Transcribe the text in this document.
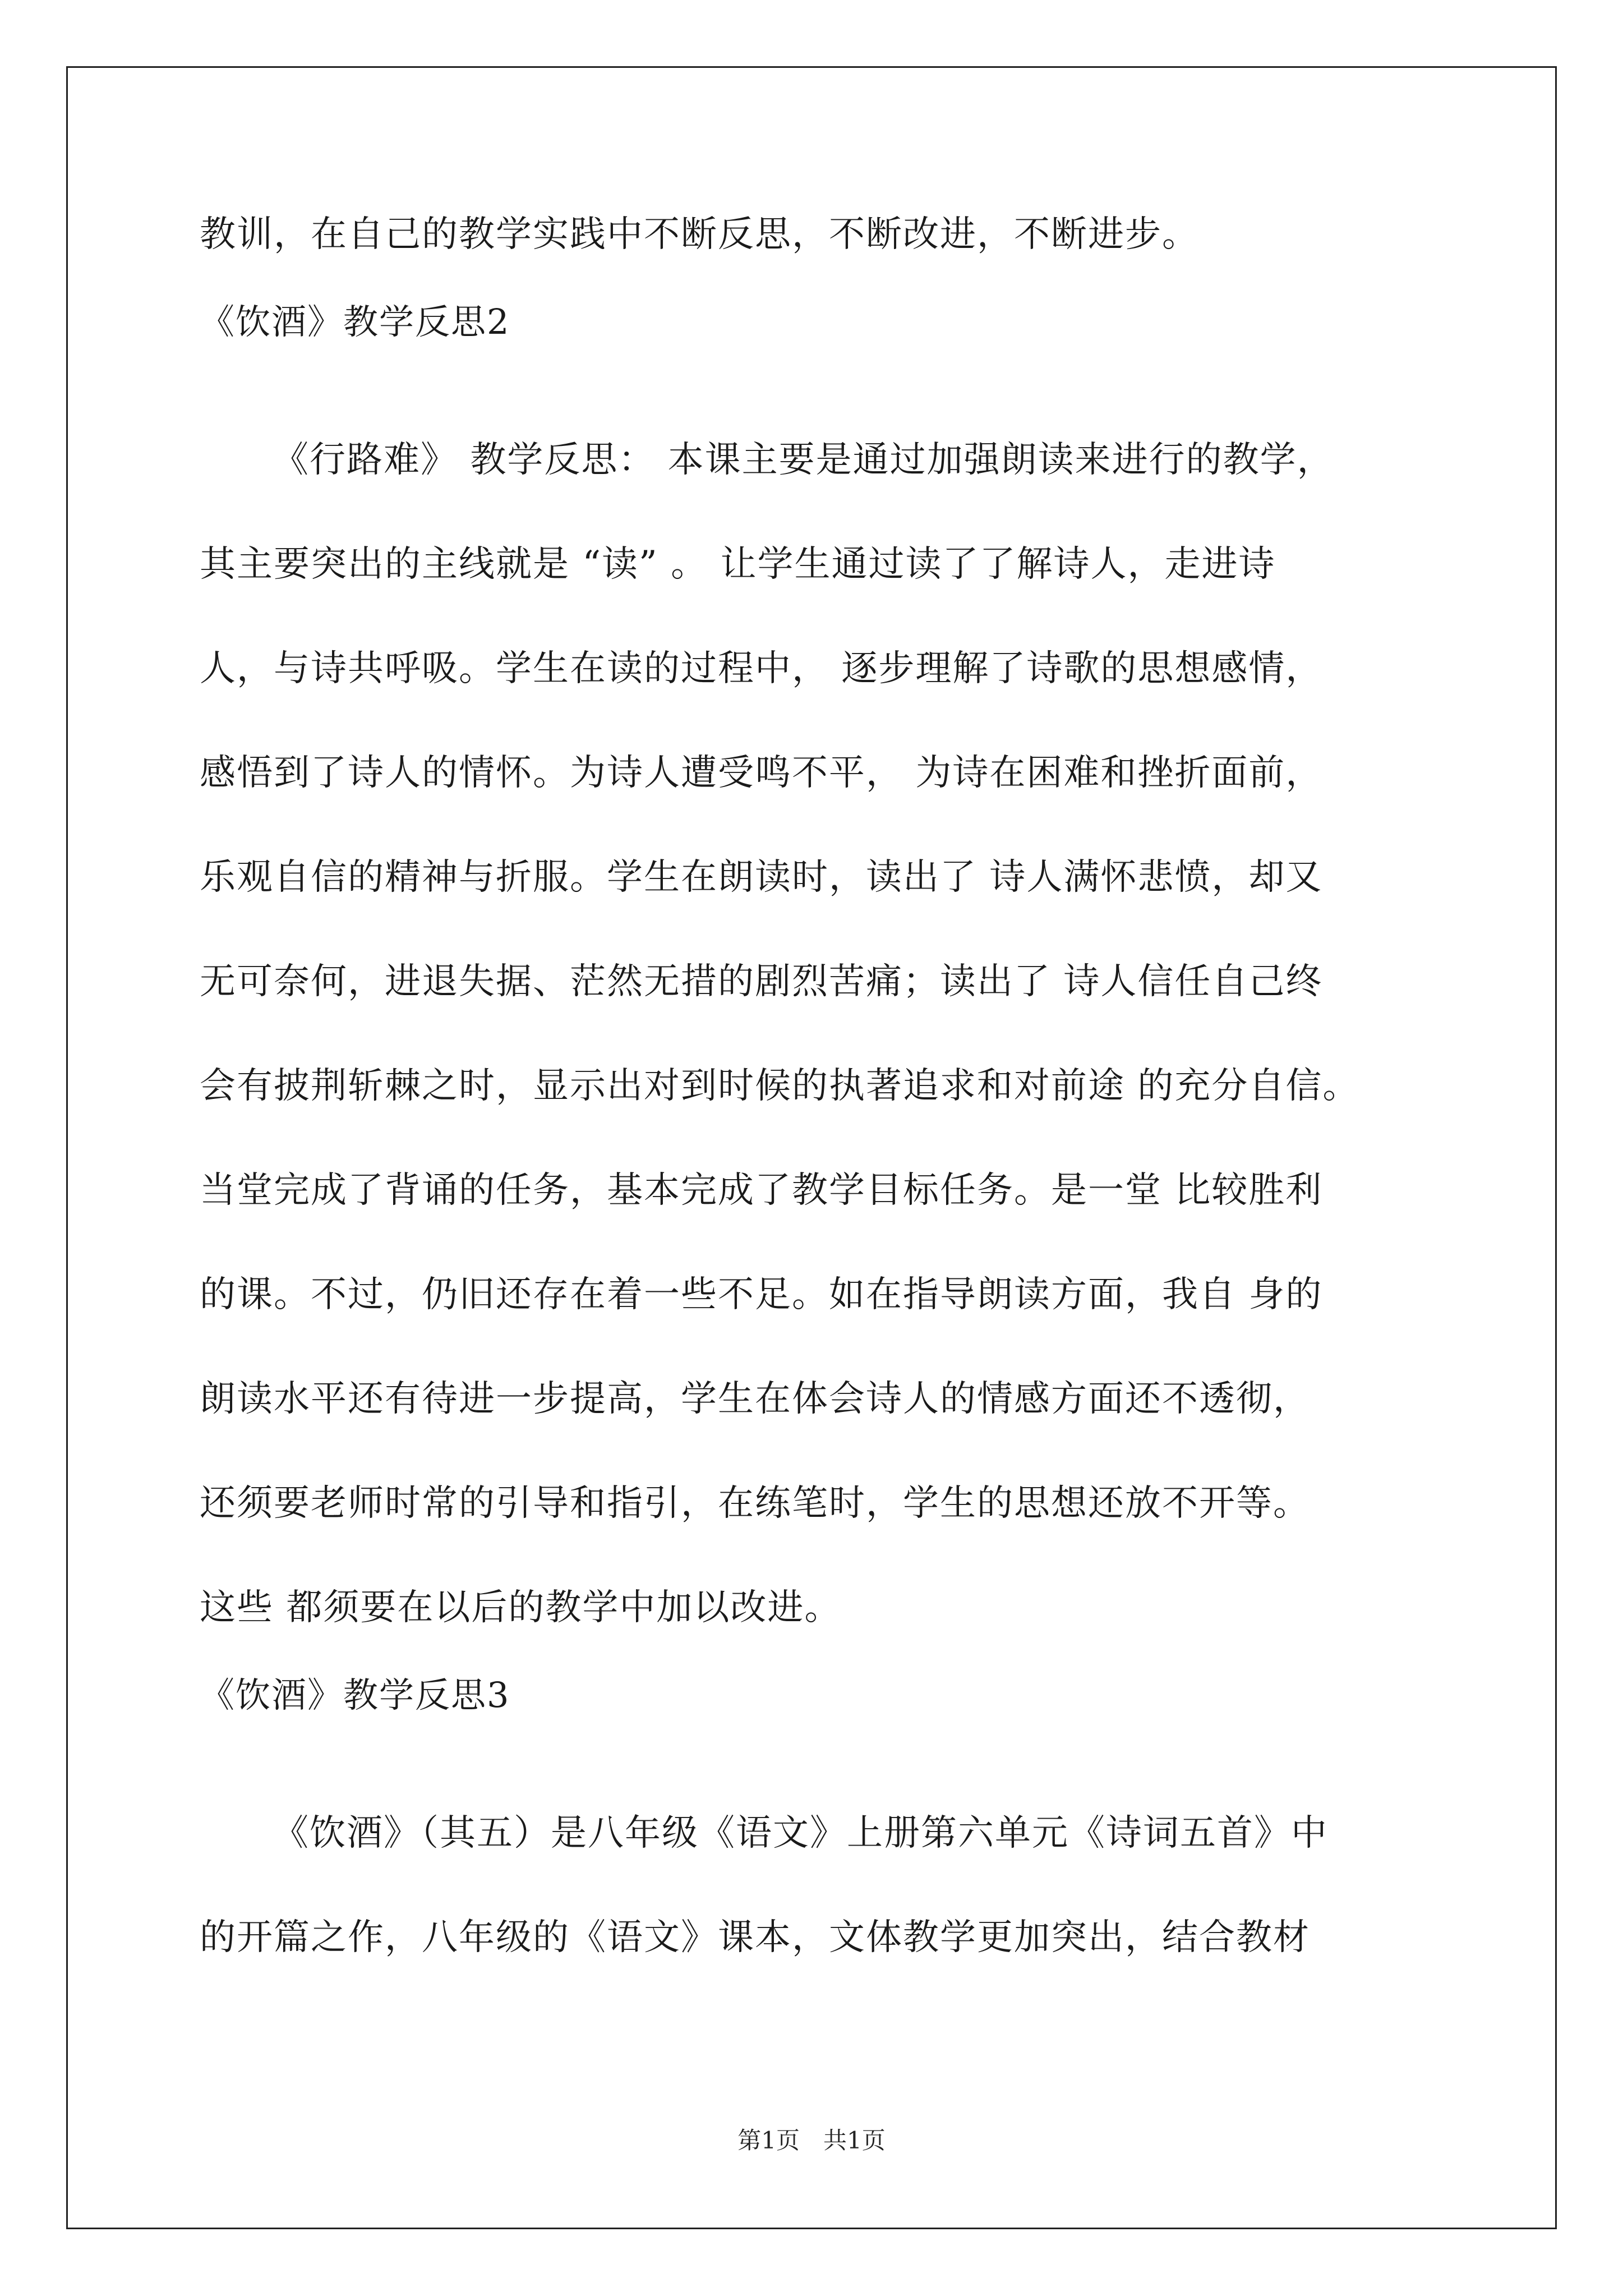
教训，在自己的教学实践中不断反思，不断改进，不断进步。
《饮酒》教学反思2
《行路难》 教学反思： 本课主要是通过加强朗读来进行的教学，
其主要突出的主线就是 “读” 。 让学生通过读了了解诗人，走进诗
人，与诗共呼吸。学生在读的过程中， 逐步理解了诗歌的思想感情，
感悟到了诗人的情怀。为诗人遭受鸣不平， 为诗在困难和挫折面前，
乐观自信的精神与折服。学生在朗读时，读出了 诗人满怀悲愤，却又
无可奈何，进退失据、茫然无措的剧烈苦痛；读出了 诗人信任自己终
会有披荆斩棘之时，显示出对到时候的执著追求和对前途 的充分自信。
当堂完成了背诵的任务，基本完成了教学目标任务。是一堂 比较胜利
的课。不过，仍旧还存在着一些不足。如在指导朗读方面，我自 身的
朗读水平还有待进一步提高，学生在体会诗人的情感方面还不透彻，
还须要老师时常的引导和指引，在练笔时，学生的思想还放不开等。
这些 都须要在以后的教学中加以改进。
《饮酒》教学反思3
《饮酒》（其五）是八年级《语文》上册第六单元《诗词五首》中
的开篇之作，八年级的《语文》课本，文体教学更加突出，结合教材
第1页　共1页
